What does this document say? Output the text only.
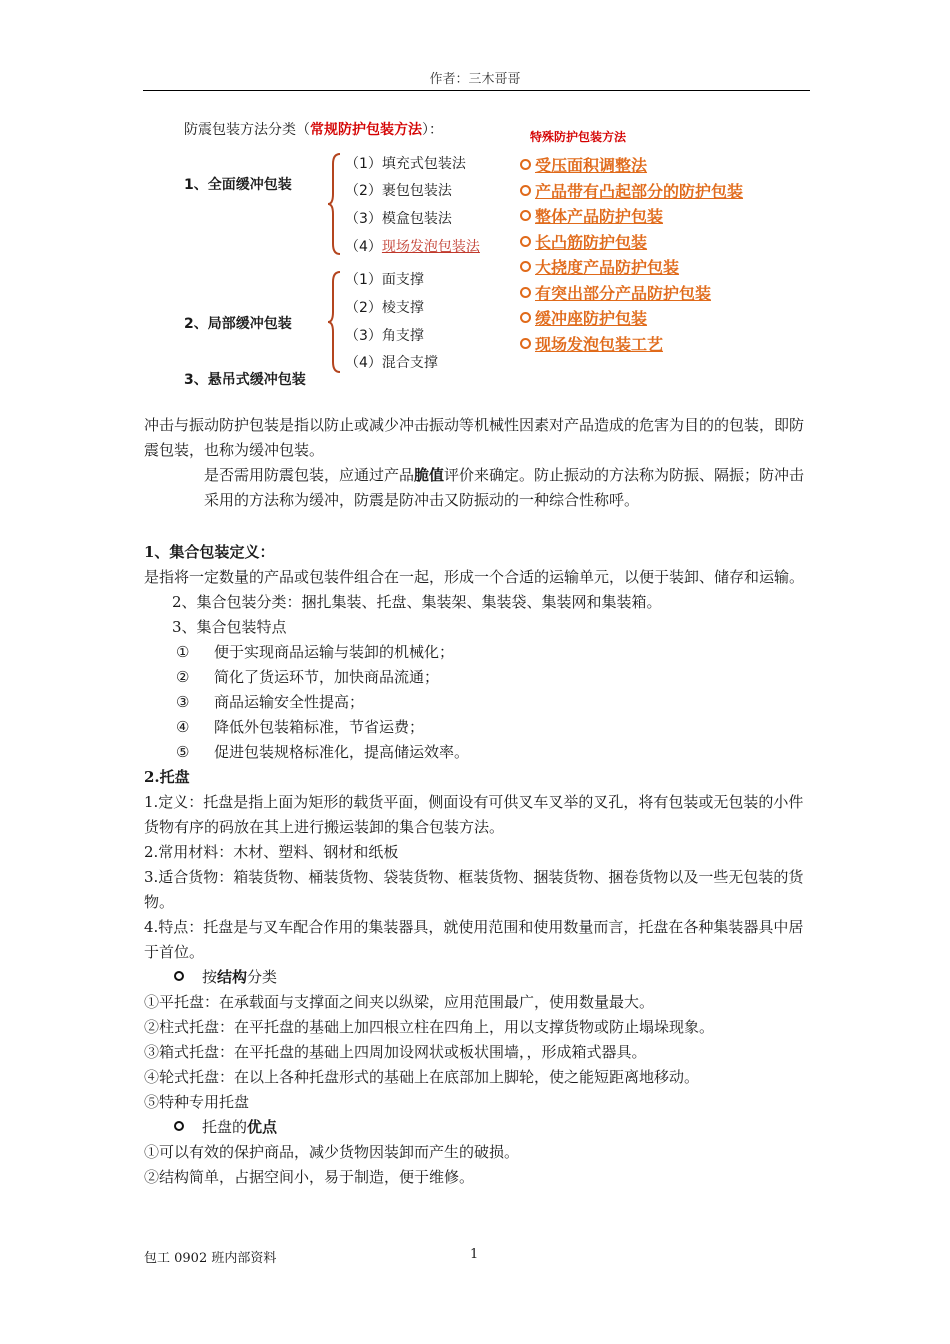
作者：三木哥哥
防震包装方法分类（常规防护包装方法）：	特殊防护包装方法
1、全面缓冲包装
（1）填充式包装法
（2）裹包包装法
（3）模盒包装法
（4）现场发泡包装法
2、局部缓冲包装
（1）面支撑
（2）棱支撑
（3）角支撑
（4）混合支撑
3、悬吊式缓冲包装
受压面积调整法
产品带有凸起部分的防护包装
整体产品防护包装
长凸筋防护包装
大挠度产品防护包装
有突出部分产品防护包装
缓冲座防护包装
现场发泡包装工艺

冲击与振动防护包装是指以防止或减少冲击振动等机械性因素对产品造成的危害为目的的包装，即防震包装，也称为缓冲包装。

是否需用防震包装，应通过产品脆值评价来确定。防止振动的方法称为防振、隔振；防冲击采用的方法称为缓冲，防震是防冲击又防振动的一种综合性称呼。

1、集合包装定义：

是指将一定数量的产品或包装件组合在一起，形成一个合适的运输单元，以便于装卸、储存和运输。

2、集合包装分类：捆扎集装、托盘、集装架、集装袋、集装网和集装箱。

3、集合包装特点

① 便于实现商品运输与装卸的机械化；

② 简化了货运环节，加快商品流通；

③ 商品运输安全性提高；

④ 降低外包装箱标准，节省运费；

⑤ 促进包装规格标准化，提高储运效率。

2.托盘

1.定义：托盘是指上面为矩形的载货平面，侧面设有可供叉车叉举的叉孔，将有包装或无包装的小件货物有序的码放在其上进行搬运装卸的集合包装方法。

2.常用材料：木材、塑料、钢材和纸板

3.适合货物：箱装货物、桶装货物、袋装货物、框装货物、捆装货物、捆卷货物以及一些无包装的货物。

4.特点：托盘是与叉车配合作用的集装器具，就使用范围和使用数量而言，托盘在各种集装器具中居于首位。

按结构分类

①平托盘：在承载面与支撑面之间夹以纵梁，应用范围最广，使用数量最大。

②柱式托盘：在平托盘的基础上加四根立柱在四角上，用以支撑货物或防止塌垛现象。

③箱式托盘：在平托盘的基础上四周加设网状或板状围墙，，形成箱式器具。

④轮式托盘：在以上各种托盘形式的基础上在底部加上脚轮，使之能短距离地移动。

⑤特种专用托盘

托盘的优点

①可以有效的保护商品，减少货物因装卸而产生的破损。

②结构简单，占据空间小，易于制造，便于维修。

包工 0902 班内部资料	1
